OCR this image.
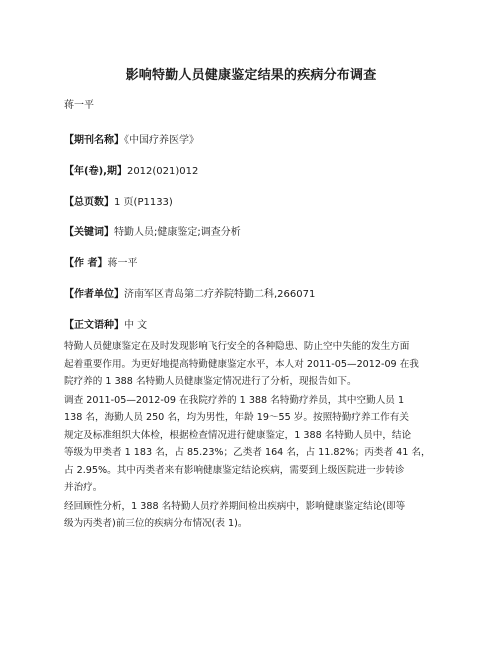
影响特勤人员健康鉴定结果的疾病分布调查
蒋一平
【期刊名称】《中国疗养医学》
【年(卷),期】2012(021)012
【总页数】1 页(P1133)
【关键词】特勤人员;健康鉴定;调查分析
【作 者】蒋一平
【作者单位】济南军区青岛第二疗养院特勤二科,266071
【正文语种】中 文
特勤人员健康鉴定在及时发现影响飞行安全的各种隐患、防止空中失能的发生方面
起着重要作用。为更好地提高特勤健康鉴定水平，本人对 2011-05—2012-09 在我
院疗养的 1 388 名特勤人员健康鉴定情况进行了分析，现报告如下。
调查 2011-05—2012-09 在我院疗养的 1 388 名特勤疗养员，其中空勤人员 1
138 名，海勤人员 250 名，均为男性，年龄 19～55 岁。按照特勤疗养工作有关
规定及标准组织大体检，根据检查情况进行健康鉴定，1 388 名特勤人员中，结论
等级为甲类者 1 183 名，占 85.23%；乙类者 164 名，占 11.82%；丙类者 41 名，
占 2.95%。其中丙类者来有影响健康鉴定结论疾病，需要到上级医院进一步转诊
并治疗。
经回顾性分析，1 388 名特勤人员疗养期间检出疾病中，影响健康鉴定结论(即等
级为丙类者)前三位的疾病分布情况(表 1)。
